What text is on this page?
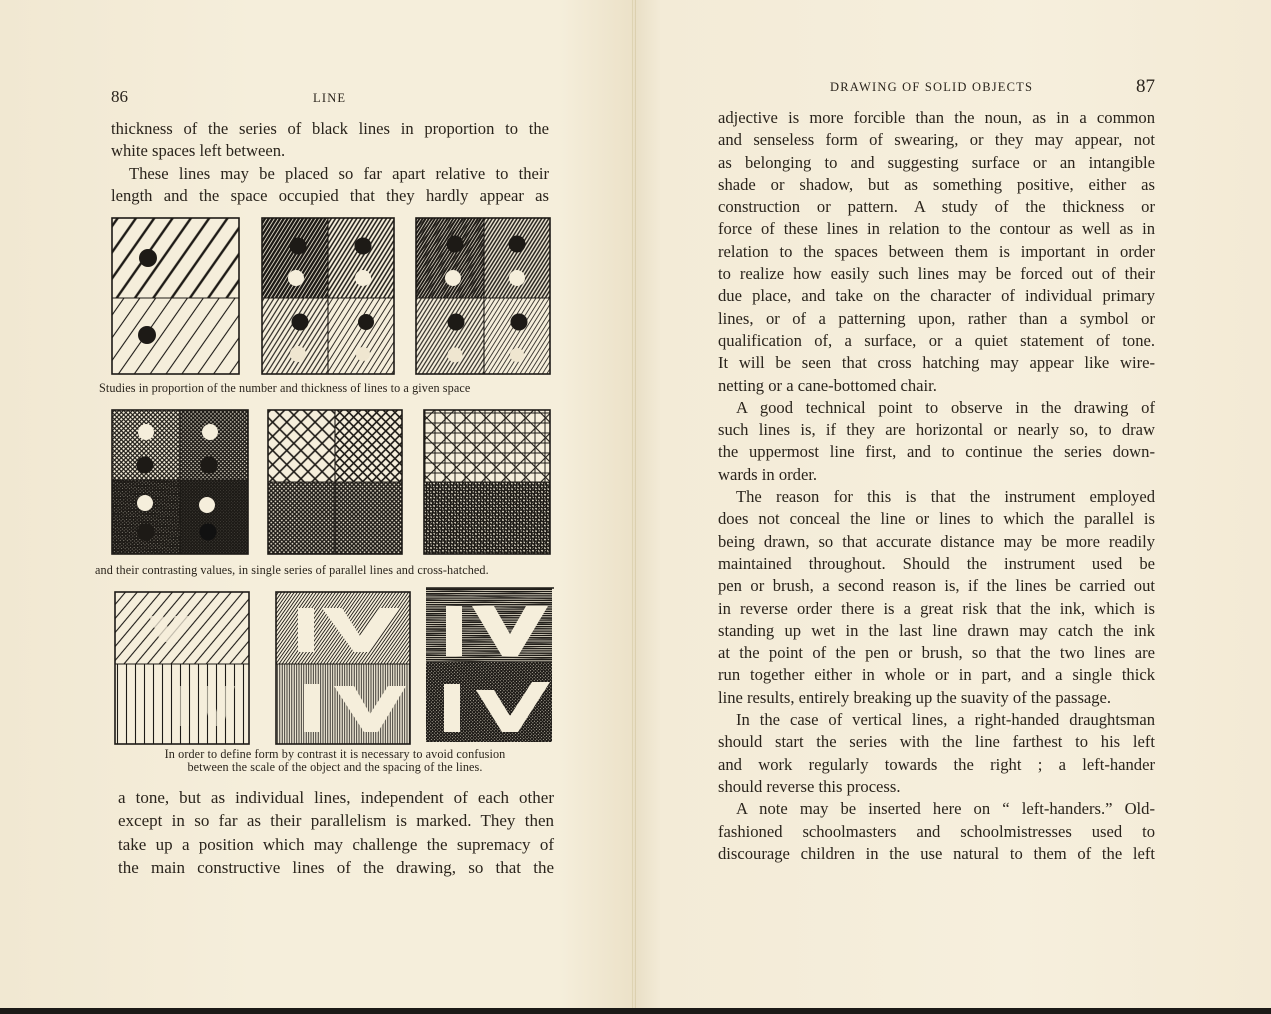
86	LINE
thickness of the series of black lines in proportion to the
white spaces left between.
These lines may be placed so far apart relative to their
length and the space occupied that they hardly appear as
Studies in proportion of the number and thickness of lines to a given space
and their contrasting values, in single series of parallel lines and cross-hatched.
In order to define form by contrast it is necessary to avoid confusion
between the scale of the object and the spacing of the lines.
a tone, but as individual lines, independent of each other
except in so far as their parallelism is marked. They then
take up a position which may challenge the supremacy of
the main constructive lines of the drawing, so that the
DRAWING OF SOLID OBJECTS	87
adjective is more forcible than the noun, as in a common
and senseless form of swearing, or they may appear, not
as belonging to and suggesting surface or an intangible
shade or shadow, but as something positive, either as
construction or pattern. A study of the thickness or
force of these lines in relation to the contour as well as in
relation to the spaces between them is important in order
to realize how easily such lines may be forced out of their
due place, and take on the character of individual primary
lines, or of a patterning upon, rather than a symbol or
qualification of, a surface, or a quiet statement of tone.
It will be seen that cross hatching may appear like wire-
netting or a cane-bottomed chair.
A good technical point to observe in the drawing of
such lines is, if they are horizontal or nearly so, to draw
the uppermost line first, and to continue the series down-
wards in order.
The reason for this is that the instrument employed
does not conceal the line or lines to which the parallel is
being drawn, so that accurate distance may be more readily
maintained throughout. Should the instrument used be
pen or brush, a second reason is, if the lines be carried out
in reverse order there is a great risk that the ink, which is
standing up wet in the last line drawn may catch the ink
at the point of the pen or brush, so that the two lines are
run together either in whole or in part, and a single thick
line results, entirely breaking up the suavity of the passage.
In the case of vertical lines, a right-handed draughtsman
should start the series with the line farthest to his left
and work regularly towards the right ; a left-hander
should reverse this process.
A note may be inserted here on “ left-handers.” Old-
fashioned schoolmasters and schoolmistresses used to
discourage children in the use natural to them of the left
